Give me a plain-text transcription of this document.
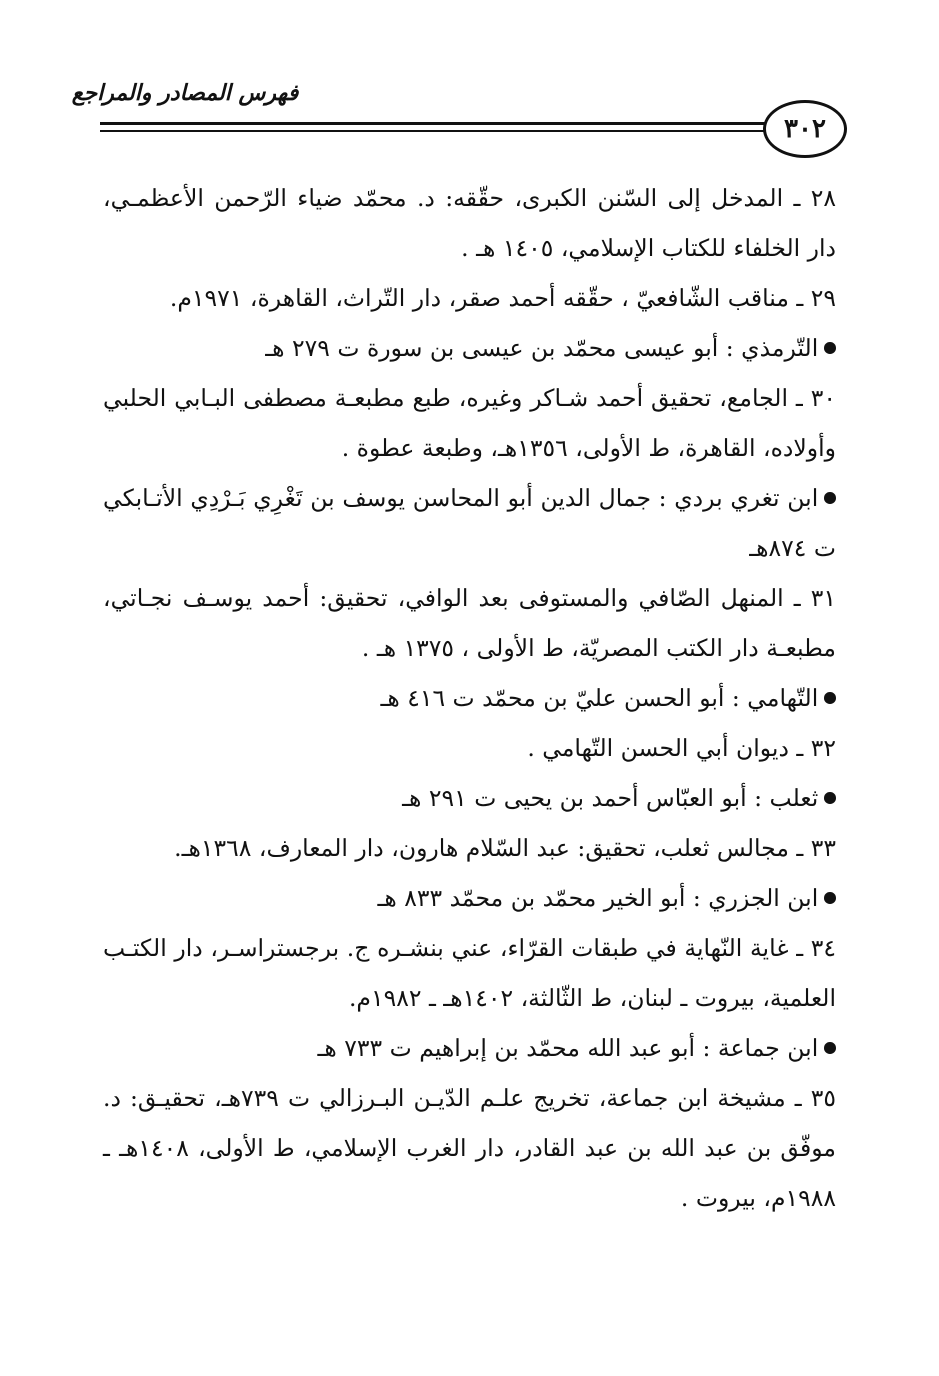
فهرس المصادر والمراجع
٣٠٢

٢٨ ـ المدخل إلى السّنن الكبرى، حقّقه: د. محمّد ضياء الرّحمن الأعظمـي، دار الخلفاء للكتاب الإسلامي، ١٤٠٥ هـ .

٢٩ ـ مناقب الشّافعيّ ، حقّقه أحمد صقر، دار التّراث، القاهرة، ١٩٧١م.

التّرمذي : أبو عيسى محمّد بن عيسى بن سورة ت ٢٧٩ هـ

٣٠ ـ الجامع، تحقيق أحمد شـاكر وغيره، طبع مطبعـة مصطفى البـابي الحلبي وأولاده، القاهرة، ط الأولى، ١٣٥٦هـ، وطبعة عطوة .

ابن تغري بردي : جمال الدين أبو المحاسن يوسف بن تَغْرِي بَـرْدِي الأتـابكي ت ٨٧٤هـ

٣١ ـ المنهل الصّافي والمستوفى بعد الوافي، تحقيق: أحمد يوسـف نجـاتي، مطبعـة دار الكتب المصريّة، ط الأولى ، ١٣٧٥ هـ .

التّهامي : أبو الحسن عليّ بن محمّد ت ٤١٦ هـ

٣٢ ـ ديوان أبي الحسن التّهامي .

ثعلب : أبو العبّاس أحمد بن يحيى ت ٢٩١ هـ

٣٣ ـ مجالس ثعلب، تحقيق: عبد السّلام هارون، دار المعارف، ١٣٦٨هـ.

ابن الجزري : أبو الخير محمّد بن محمّد ٨٣٣ هـ

٣٤ ـ غاية النّهاية في طبقات القرّاء، عني بنشـره ج. برجستراسـر، دار الكتـب العلمية، بيروت ـ لبنان، ط الثّالثة، ١٤٠٢هـ ـ ١٩٨٢م.

ابن جماعة : أبو عبد الله محمّد بن إبراهيم ت ٧٣٣ هـ

٣٥ ـ مشيخة ابن جماعة، تخريج علـم الدّيـن البـرزالي ت ٧٣٩هـ، تحقيـق: د. موفّق بن عبد الله بن عبد القادر، دار الغرب الإسلامي، ط الأولى، ١٤٠٨هـ ـ ١٩٨٨م، بيروت .
